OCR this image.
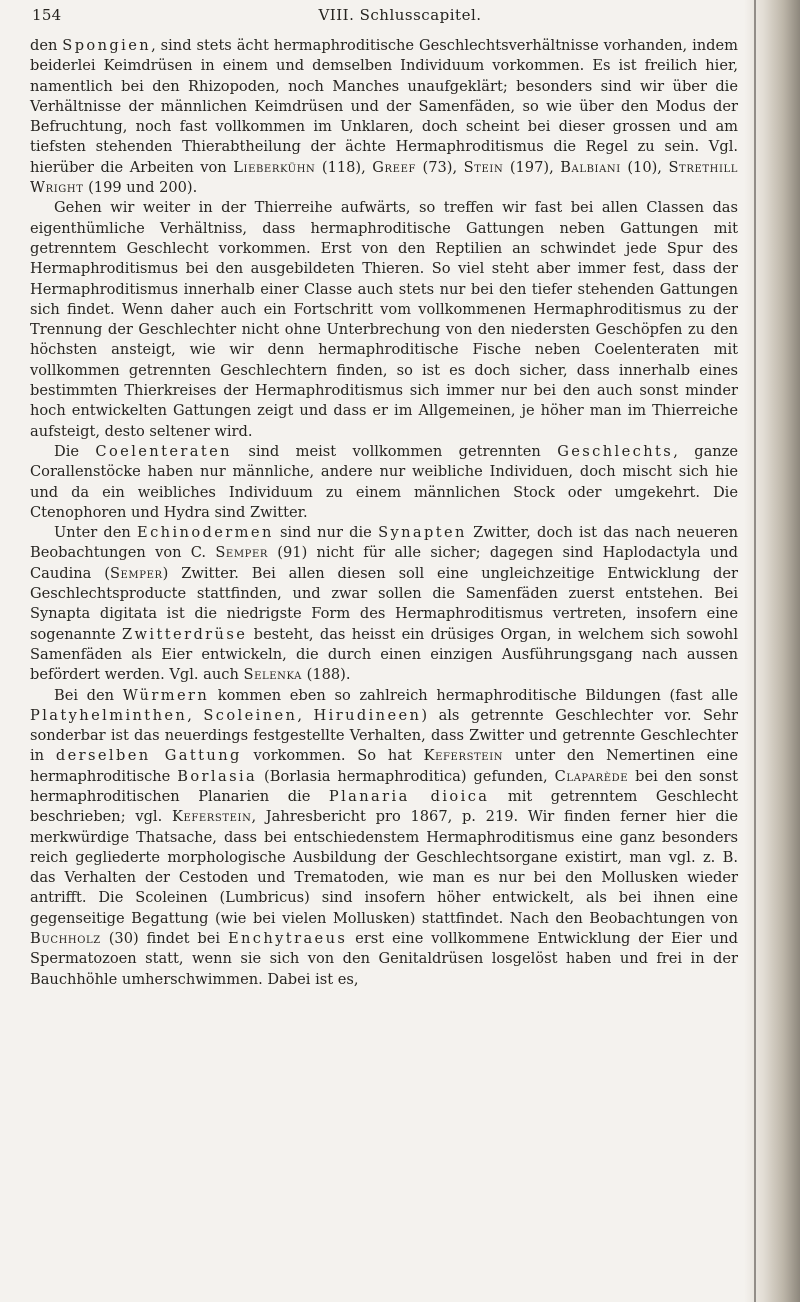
154	VIII. Schlusscapitel.

den Spongien, sind stets ächt hermaphroditische Geschlechtsverhältnisse vorhanden, indem beiderlei Keimdrüsen in einem und demselben Individuum vorkommen. Es ist freilich hier, namentlich bei den Rhizopoden, noch Manches unaufgeklärt; besonders sind wir über die Verhältnisse der männlichen Keimdrüsen und der Samenfäden, so wie über den Modus der Befruchtung, noch fast vollkommen im Unklaren, doch scheint bei dieser grossen und am tiefsten stehenden Thierabtheilung der ächte Hermaphroditismus die Regel zu sein. Vgl. hierüber die Arbeiten von Lieberkühn (118), Greef (73), Stein (197), Balbiani (10), Strethill Wright (199 und 200).

Gehen wir weiter in der Thierreihe aufwärts, so treffen wir fast bei allen Classen das eigenthümliche Verhältniss, dass hermaphroditische Gattungen neben Gattungen mit getrenntem Geschlecht vorkommen. Erst von den Reptilien an schwindet jede Spur des Hermaphroditismus bei den ausgebildeten Thieren. So viel steht aber immer fest, dass der Hermaphroditismus innerhalb einer Classe auch stets nur bei den tiefer stehenden Gattungen sich findet. Wenn daher auch ein Fortschritt vom vollkommenen Hermaphroditismus zu der Trennung der Geschlechter nicht ohne Unterbrechung von den niedersten Geschöpfen zu den höchsten ansteigt, wie wir denn hermaphroditische Fische neben Coelenteraten mit vollkommen getrennten Geschlechtern finden, so ist es doch sicher, dass innerhalb eines bestimmten Thierkreises der Hermaphroditismus sich immer nur bei den auch sonst minder hoch entwickelten Gattungen zeigt und dass er im Allgemeinen, je höher man im Thierreiche aufsteigt, desto seltener wird.

Die Coelenteraten sind meist vollkommen getrennten Geschlechts, ganze Corallenstöcke haben nur männliche, andere nur weibliche Individuen, doch mischt sich hie und da ein weibliches Individuum zu einem männlichen Stock oder umgekehrt. Die Ctenophoren und Hydra sind Zwitter.

Unter den Echinodermen sind nur die Synapten Zwitter, doch ist das nach neueren Beobachtungen von C. Semper (91) nicht für alle sicher; dagegen sind Haplodactyla und Caudina (Semper) Zwitter. Bei allen diesen soll eine ungleichzeitige Entwicklung der Geschlechtsproducte stattfinden, und zwar sollen die Samenfäden zuerst entstehen. Bei Synapta digitata ist die niedrigste Form des Hermaphroditismus vertreten, insofern eine sogenannte Zwitterdrüse besteht, das heisst ein drüsiges Organ, in welchem sich sowohl Samenfäden als Eier entwickeln, die durch einen einzigen Ausführungsgang nach aussen befördert werden. Vgl. auch Selenka (188).

Bei den Würmern kommen eben so zahlreich hermaphroditische Bildungen (fast alle Platyhelminthen, Scoleinen, Hirudineen) als getrennte Geschlechter vor. Sehr sonderbar ist das neuerdings festgestellte Verhalten, dass Zwitter und getrennte Geschlechter in derselben Gattung vorkommen. So hat Keferstein unter den Nemertinen eine hermaphroditische Borlasia (Borlasia hermaphroditica) gefunden, Claparède bei den sonst hermaphroditischen Planarien die Planaria dioica mit getrenntem Geschlecht beschrieben; vgl. Keferstein, Jahresbericht pro 1867, p. 219. Wir finden ferner hier die merkwürdige Thatsache, dass bei entschiedenstem Hermaphroditismus eine ganz besonders reich gegliederte morphologische Ausbildung der Geschlechtsorgane existirt, man vgl. z. B. das Verhalten der Cestoden und Trematoden, wie man es nur bei den Mollusken wieder antrifft. Die Scoleinen (Lumbricus) sind insofern höher entwickelt, als bei ihnen eine gegenseitige Begattung (wie bei vielen Mollusken) stattfindet. Nach den Beobachtungen von Buchholz (30) findet bei Enchytraeus erst eine vollkommene Entwicklung der Eier und Spermatozoen statt, wenn sie sich von den Genitaldrüsen losgelöst haben und frei in der Bauchhöhle umherschwimmen. Dabei ist es,
